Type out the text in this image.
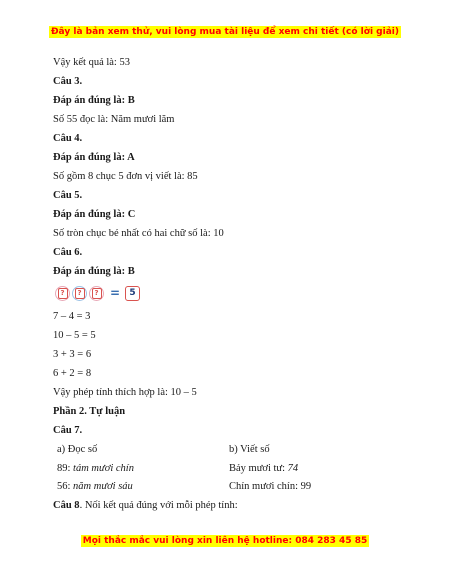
Đây là bản xem thử, vui lòng mua tài liệu để xem chi tiết (có lời giải)
Vậy kết quả là: 53
Câu 3.
Đáp án đúng là: B
Số 55 đọc là: Năm mươi lăm
Câu 4.
Đáp án đúng là: A
Số gồm 8 chục 5 đơn vị viết là: 85
Câu 5.
Đáp án đúng là: C
Số tròn chục bé nhất có hai chữ số là: 10
Câu 6.
Đáp án đúng là: B
?	?	? =	5
7 – 4 = 3
10 – 5 = 5
3 + 3 = 6
6 + 2 = 8
Vậy phép tính thích hợp là: 10 – 5
Phần 2. Tự luận
Câu 7.
a) Đọc số	b) Viết số
89: tám mươi chín	Bảy mươi tư: 74
56: năm mươi sáu	Chín mươi chín: 99
Câu 8. Nối kết quả đúng với mỗi phép tính:
Mọi thắc mắc vui lòng xin liên hệ hotline: 084 283 45 85
